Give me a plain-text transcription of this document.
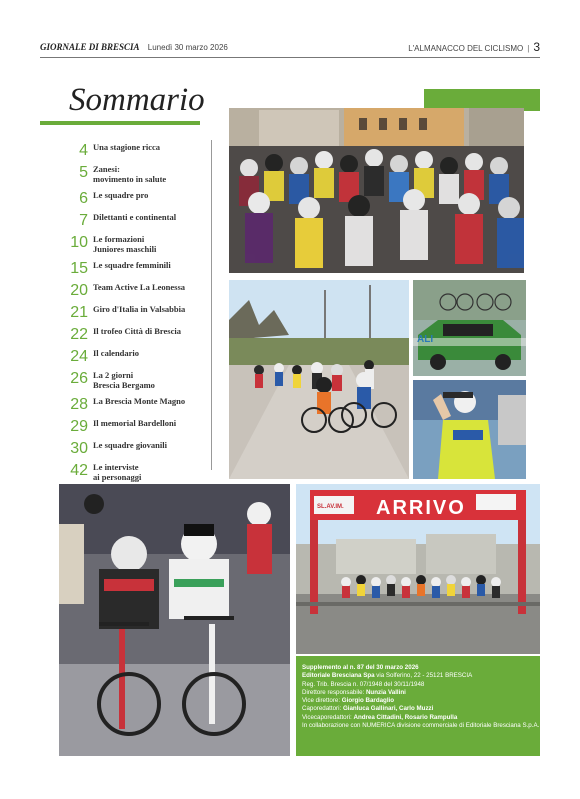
GIORNALE DI BRESCIA Lunedì 30 marzo 2026	L'ALMANACCO DEL CICLISMO | 3
Sommario
4 Una stagione ricca
5 Zanesi:
movimento in salute
6 Le squadre pro
7 Dilettanti e continental
10 Le formazioni
Juniores maschili
15 Le squadre femminili
20 Team Active La Leonessa
21 Giro d'Italia in Valsabbia
22 Il trofeo Città di Brescia
24 Il calendario
26 La 2 giorni
Brescia Bergamo
28 La Brescia Monte Magno
29 Il memorial Bardelloni
30 Le squadre giovanili
42 Le interviste
ai personaggi
ALI
SL.AV.IM. ARRIVO
Supplemento al n. 87 del 30 marzo 2026
Editoriale Bresciana Spa via Solferino, 22 - 25121 BRESCIA
Reg. Trib. Brescia n. 07/1948 del 30/11/1948
Direttore responsabile: Nunzia Vallini
Vice direttore: Giorgio Bardaglio
Caporedattori: Gianluca Gallinari, Carlo Muzzi
Vicecaporedattori: Andrea Cittadini, Rosario Rampulla
In collaborazione con NUMERICA divisione commerciale di Editoriale Bresciana S.p.A.
